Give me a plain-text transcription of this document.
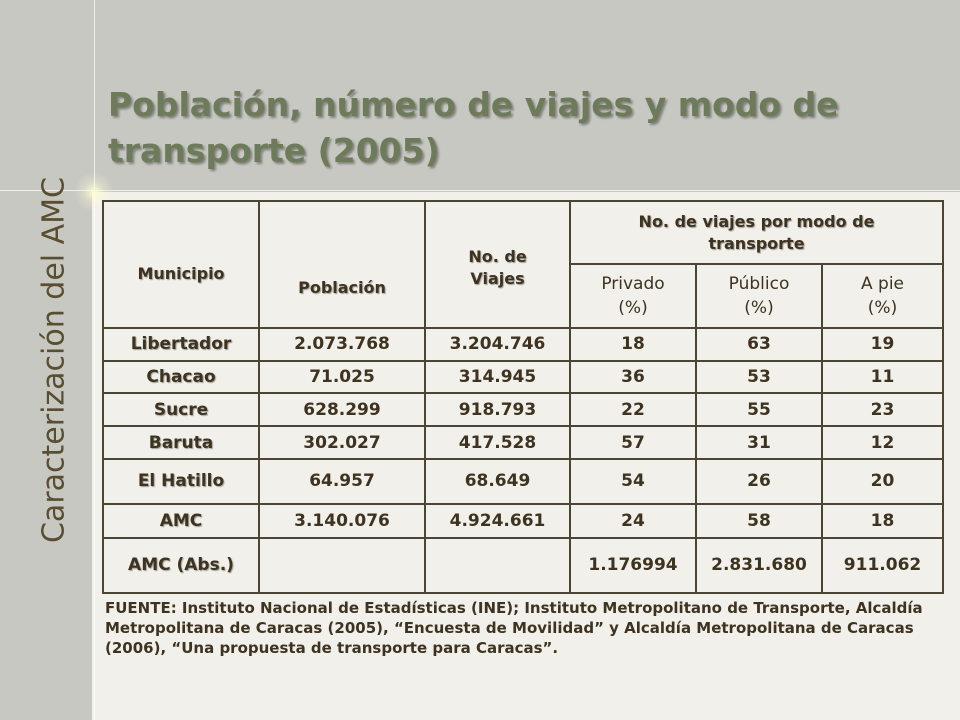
Población, número de viajes y modo de transporte (2005)
Caracterización del AMC	Municipio	Población	No. de Viajes	No. de viajes por modo de transporte		
			Privado (%)	Público (%)	A pie (%)
Libertador	2.073.768	3.204.746	18	63	19
Chacao	71.025	314.945	36	53	11
Sucre	628.299	918.793	22	55	23
Baruta	302.027	417.528	57	31	12
El Hatillo	64.957	68.649	54	26	20
AMC	3.140.076	4.924.661	24	58	18
AMC (Abs.)			1.176994	2.831.680	911.062

FUENTE: Instituto Nacional de Estadísticas (INE); Instituto Metropolitano de Transporte, Alcaldía Metropolitana de Caracas (2005), “Encuesta de Movilidad” y Alcaldía Metropolitana de Caracas (2006), “Una propuesta de transporte para Caracas”.
